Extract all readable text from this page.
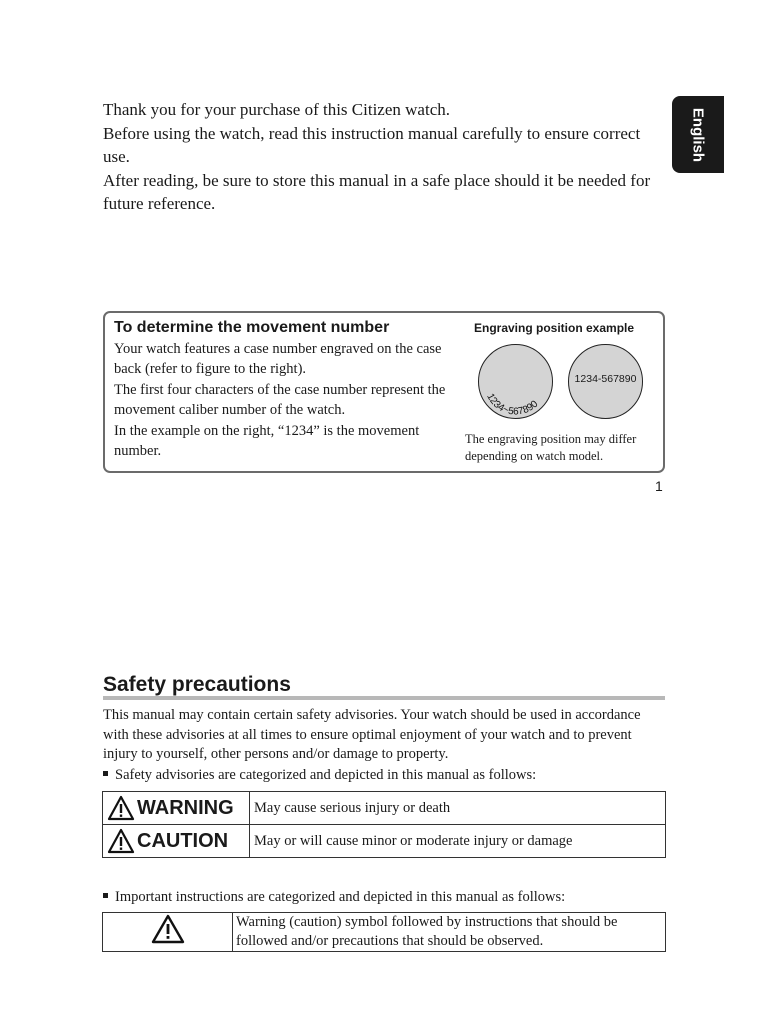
English

Thank you for your purchase of this Citizen watch.

Before using the watch, read this instruction manual carefully to ensure correct use.

After reading, be sure to store this manual in a safe place should it be needed for future reference.

To determine the movement number

Your watch features a case number engraved on the case back (refer to figure to the right).

The first four characters of the case number represent the movement caliber number of the watch.

In the example on the right, “1234” is the movement number.

Engraving position example
1234~567890
1234-567890
The engraving position may differ depending on watch model.
1
Safety precautions

This manual may contain certain safety advisories. Your watch should be used in accordance with these advisories at all times to ensure optimal enjoyment of your watch and to prevent injury to yourself, other persons and/or damage to property.

Safety advisories are categorized and depicted in this manual as follows:
WARNING	May cause serious injury or death

CAUTION	May or will cause minor or moderate injury or damage
Important instructions are categorized and depicted in this manual as follows:
	Warning (caution) symbol followed by instructions that should be followed and/or precautions that should be observed.
